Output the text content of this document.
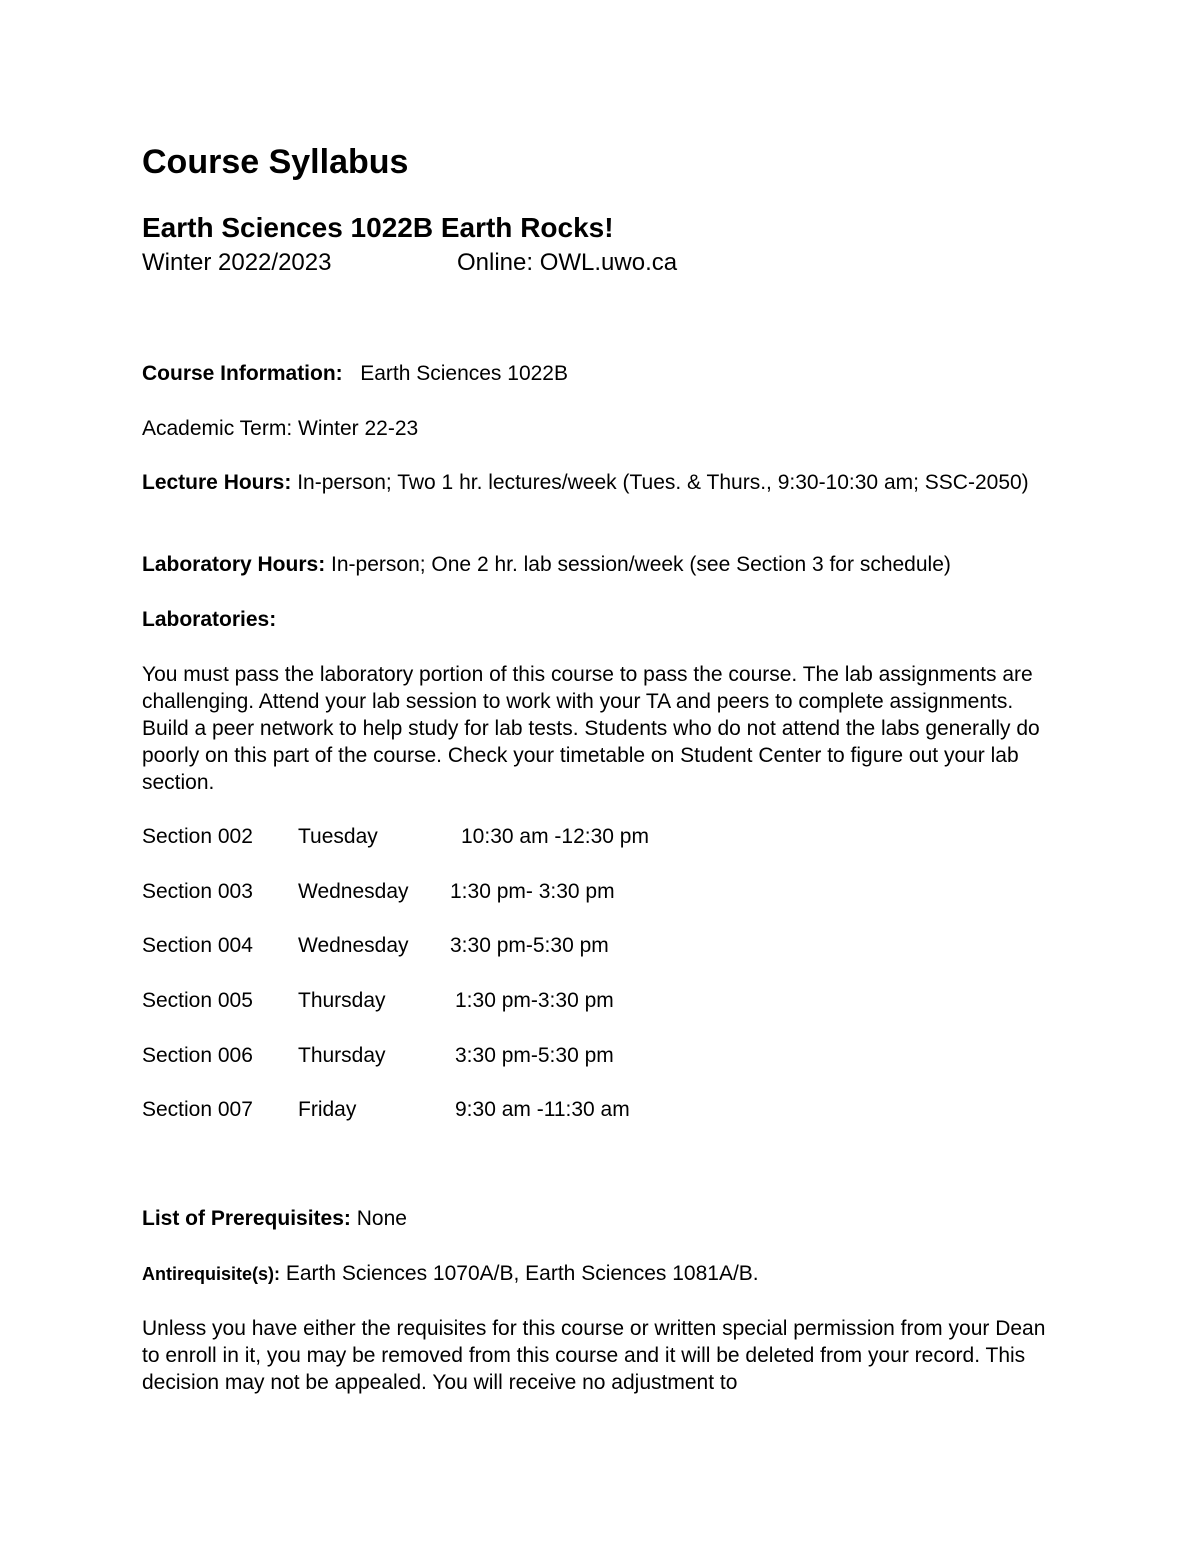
Course Syllabus
Earth Sciences 1022B Earth Rocks!
Winter 2022/2023	Online: OWL.uwo.ca
Course Information: Earth Sciences 1022B
Academic Term: Winter 22-23
Lecture Hours: In-person; Two 1 hr. lectures/week (Tues. & Thurs., 9:30-10:30 am; SSC-2050)
Laboratory Hours: In-person; One 2 hr. lab session/week (see Section 3 for schedule)
Laboratories:
You must pass the laboratory portion of this course to pass the course. The lab assignments are challenging. Attend your lab session to work with your TA and peers to complete assignments. Build a peer network to help study for lab tests. Students who do not attend the labs generally do poorly on this part of the course. Check your timetable on Student Center to figure out your lab section.
Section 002 Tuesday	10:30 am -12:30 pm
Section 003 Wednesday 1:30 pm- 3:30 pm
Section 004 Wednesday 3:30 pm-5:30 pm
Section 005 Thursday	1:30 pm-3:30 pm
Section 006 Thursday	3:30 pm-5:30 pm
Section 007 Friday	9:30 am -11:30 am
List of Prerequisites: None
Antirequisite(s): Earth Sciences 1070A/B, Earth Sciences 1081A/B.
Unless you have either the requisites for this course or written special permission from your Dean to enroll in it, you may be removed from this course and it will be deleted from your record. This decision may not be appealed. You will receive no adjustment to
